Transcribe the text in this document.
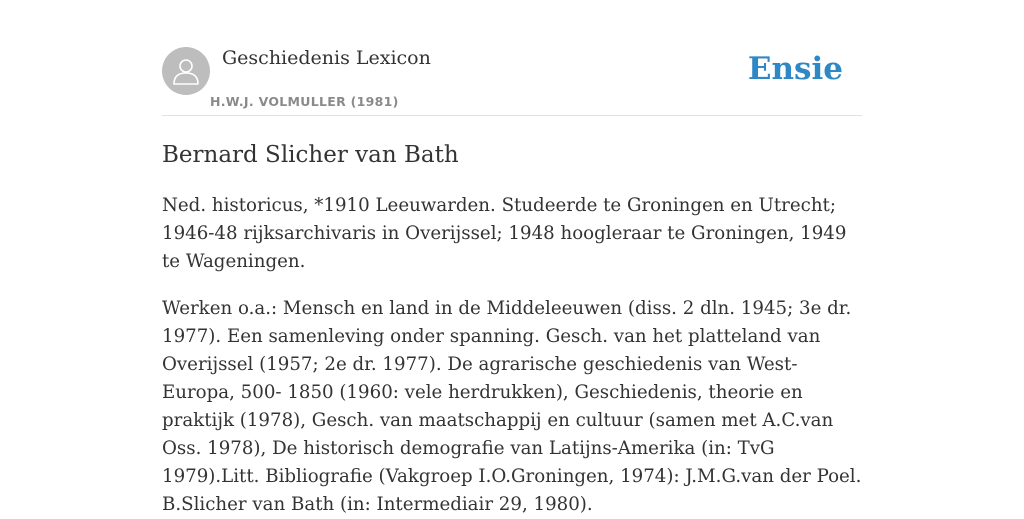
Geschiedenis Lexicon
H.W.J. VOLMULLER (1981)
Ensie
Bernard Slicher van Bath

Ned. historicus, *1910 Leeuwarden. Studeerde te Groningen en Utrecht; 1946-48 rijksarchivaris in Overijssel; 1948 hoogleraar te Groningen, 1949 te Wageningen.

Werken o.a.: Mensch en land in de Middeleeuwen (diss. 2 dln. 1945; 3e dr. 1977). Een samenleving onder spanning. Gesch. van het platteland van Overijssel (1957; 2e dr. 1977). De agrarische geschiedenis van West-Europa, 500- 1850 (1960: vele herdrukken), Geschiedenis, theorie en praktijk (1978), Gesch. van maatschappij en cultuur (samen met A.C.van Oss. 1978), De historisch demografie van Latijns-Amerika (in: TvG 1979).Litt. Bibliografie (Vakgroep I.O.Groningen, 1974): J.M.G.van der Poel. B.Slicher van Bath (in: Intermediair 29, 1980).
